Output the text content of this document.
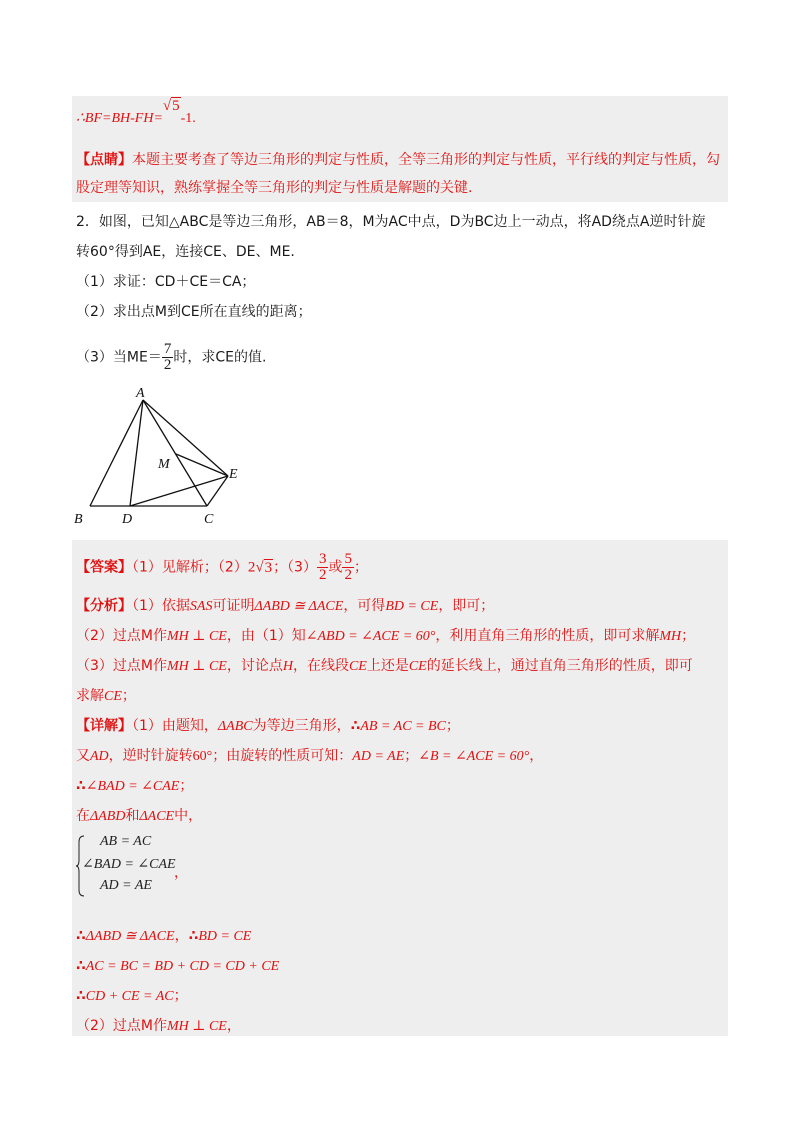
∴BF=BH-FH=√5-1.
【点睛】本题主要考查了等边三角形的判定与性质，全等三角形的判定与性质，平行线的判定与性质，勾
股定理等知识，熟练掌握全等三角形的判定与性质是解题的关键.
2．如图，已知△ABC是等边三角形，AB＝8，M为AC中点，D为BC边上一动点，将AD绕点A逆时针旋
转60°得到AE，连接CE、DE、ME.
（1）求证：CD＋CE＝CA；
（2）求出点M到CE所在直线的距离；
（3）当$ME= \frac{7}{2}$ 时，求CE的值.
A
B	C
D
E
M
【答案】（1）见解析；（2）2√3；$(3) \frac{3}{2}$ 或 $\frac{5}{2}$ ；
【分析】（1）依据SAS可证明ΔABD ≅ ΔACE，可得BD = CE，即可；
（2）过点M作MH ⊥ CE，由（1）知∠ABD = ∠ACE = 60°，利用直角三角形的性质，即可求解MH；
（3）过点M作MH ⊥ CE，讨论点H，在线段CE上还是CE的延长线上，通过直角三角形的性质，即可
求解CE；
【详解】（1）由题知，ΔABC为等边三角形，∴AB = AC = BC；
又AD，逆时针旋转60°；由旋转的性质可知：AD = AE；∠B = ∠ACE = 60°，
∴∠BAD = ∠CAE；
在ΔABD和ΔACE中，
AB = AC
∠BAD = ∠CAE
AD = AE
，
∴ΔABD ≅ ΔACE，∴BD = CE
∴AC = BC = BD + CD = CD + CE
∴CD + CE = AC；
（2）过点M作MH ⊥ CE，
